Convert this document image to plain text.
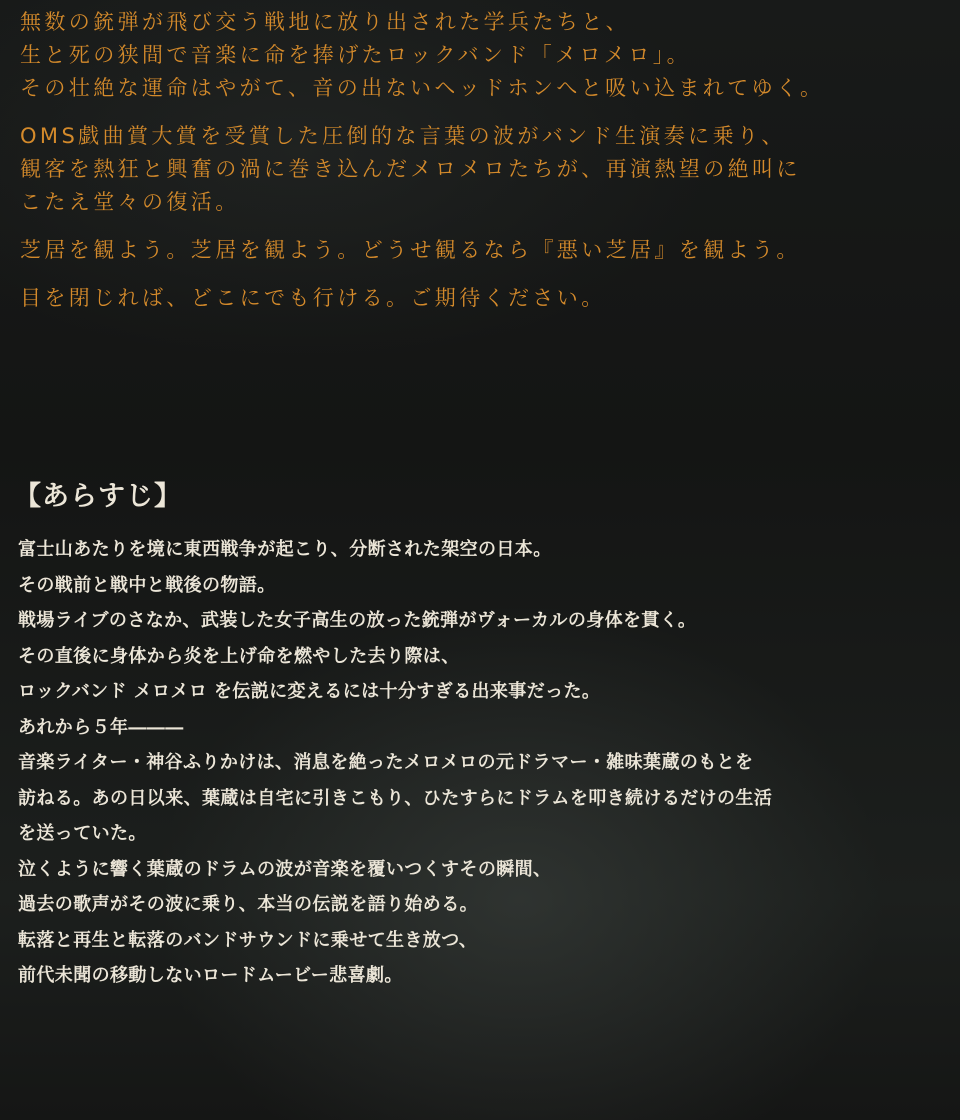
無数の銃弾が飛び交う戦地に放り出された学兵たちと、
生と死の狭間で音楽に命を捧げたロックバンド「メロメロ」。
その壮絶な運命はやがて、音の出ないヘッドホンへと吸い込まれてゆく。

OMS戯曲賞大賞を受賞した圧倒的な言葉の波がバンド生演奏に乗り、
観客を熱狂と興奮の渦に巻き込んだメロメロたちが、再演熱望の絶叫に
こたえ堂々の復活。

芝居を観よう。芝居を観よう。どうせ観るなら『悪い芝居』を観よう。

目を閉じれば、どこにでも行ける。ご期待ください。

【あらすじ】
富士山あたりを境に東西戦争が起こり、分断された架空の日本。
その戦前と戦中と戦後の物語。
戦場ライブのさなか、武装した女子高生の放った銃弾がヴォーカルの身体を貫く。
その直後に身体から炎を上げ命を燃やした去り際は、
ロックバンド メロメロ を伝説に変えるには十分すぎる出来事だった。
あれから５年―――
音楽ライター・神谷ふりかけは、消息を絶ったメロメロの元ドラマー・雑味葉蔵のもとを
訪ねる。あの日以来、葉蔵は自宅に引きこもり、ひたすらにドラムを叩き続けるだけの生活
を送っていた。
泣くように響く葉蔵のドラムの波が音楽を覆いつくすその瞬間、
過去の歌声がその波に乗り、本当の伝説を語り始める。
転落と再生と転落のバンドサウンドに乗せて生き放つ、
前代未聞の移動しないロードムービー悲喜劇。
